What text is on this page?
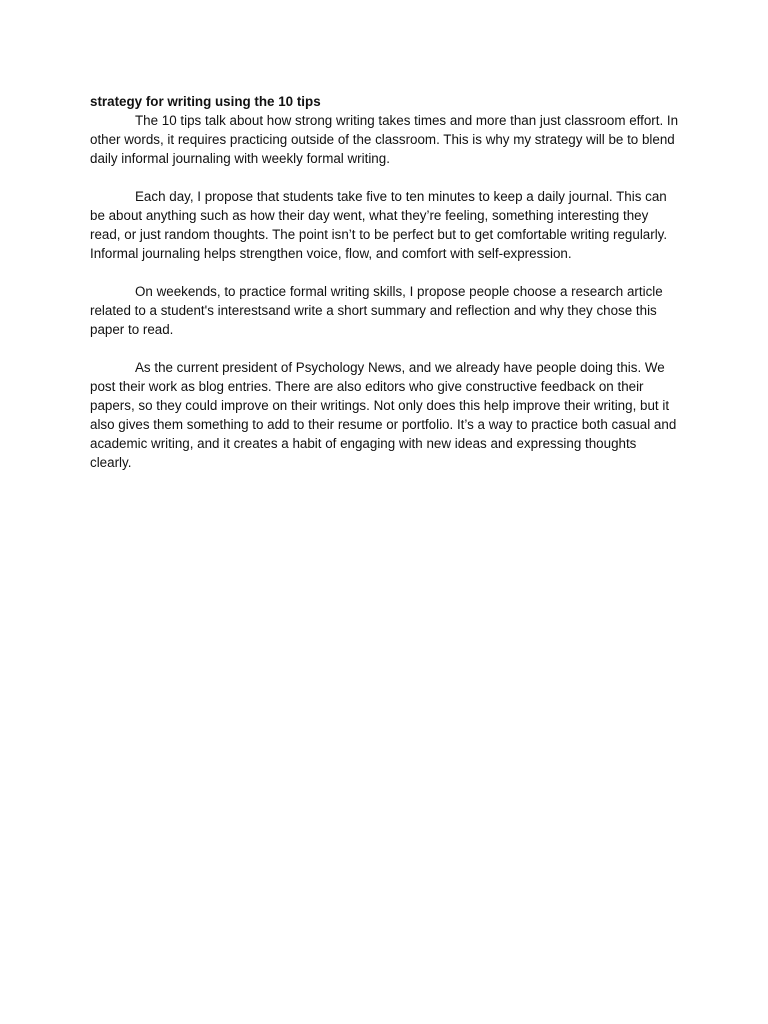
strategy for writing using the 10 tips

The 10 tips talk about how strong writing takes times and more than just classroom effort. In other words, it requires practicing outside of the classroom. This is why my strategy will be to blend daily informal journaling with weekly formal writing.

Each day, I propose that students take five to ten minutes to keep a daily journal. This can be about anything such as how their day went, what they’re feeling, something interesting they read, or just random thoughts. The point isn’t to be perfect but to get comfortable writing regularly. Informal journaling helps strengthen voice, flow, and comfort with self-expression.

On weekends, to practice formal writing skills, I propose people choose a research article related to a student's interestsand write a short summary and reflection and why they chose this paper to read.

As the current president of Psychology News, and we already have people doing this. We post their work as blog entries. There are also editors who give constructive feedback on their papers, so they could improve on their writings. Not only does this help improve their writing, but it also gives them something to add to their resume or portfolio. It’s a way to practice both casual and academic writing, and it creates a habit of engaging with new ideas and expressing thoughts clearly.
